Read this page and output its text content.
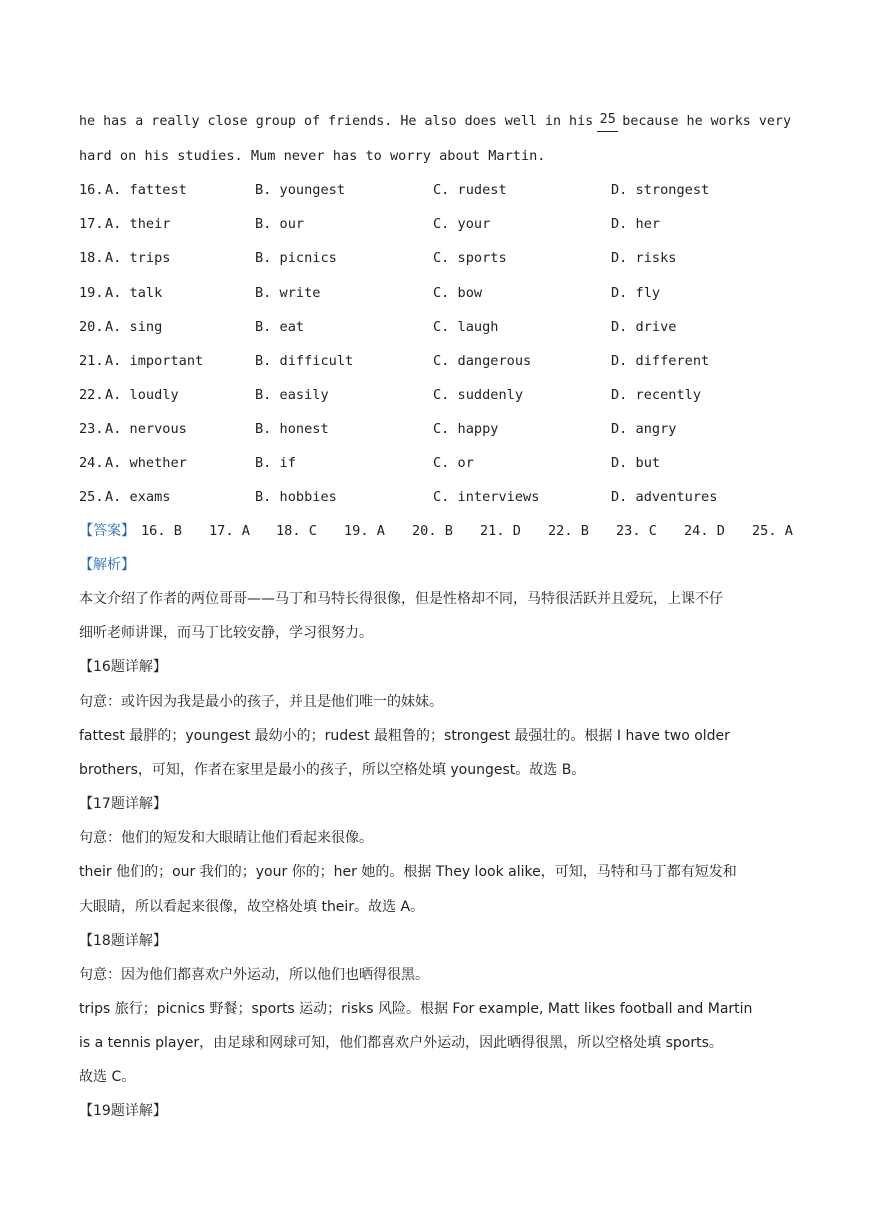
he has a really close group of friends. He also does well in his 25 because he works very
hard on his studies. Mum never has to worry about Martin.
16. A. fattest	B. youngest	C. rudest	D. strongest
17. A. their	B. our	C. your	D. her
18. A. trips	B. picnics	C. sports	D. risks
19. A. talk	B. write	C. bow	D. fly
20. A. sing	B. eat	C. laugh	D. drive
21. A. important	B. difficult	C. dangerous	D. different
22. A. loudly	B. easily	C. suddenly	D. recently
23. A. nervous	B. honest	C. happy	D. angry
24. A. whether	B. if	C. or	D. but
25. A. exams	B. hobbies	C. interviews	D. adventures
【答案】 16. B 17. A 18. C 19. A 20. B 21. D 22. B 23. C 24. D 25. A
【解析】
本文介绍了作者的两位哥哥——马丁和马特长得很像，但是性格却不同，马特很活跃并且爱玩，上课不仔
细听老师讲课，而马丁比较安静，学习很努力。
【16题详解】
句意：或许因为我是最小的孩子，并且是他们唯一的妹妹。
fattest 最胖的；youngest 最幼小的；rudest 最粗鲁的；strongest 最强壮的。根据 I have two older
brothers，可知，作者在家里是最小的孩子，所以空格处填 youngest。故选 B。
【17题详解】
句意：他们的短发和大眼睛让他们看起来很像。
their 他们的；our 我们的；your 你的；her 她的。根据 They look alike，可知，马特和马丁都有短发和
大眼睛，所以看起来很像，故空格处填 their。故选 A。
【18题详解】
句意：因为他们都喜欢户外运动，所以他们也晒得很黑。
trips 旅行；picnics 野餐；sports 运动；risks 风险。根据 For example, Matt likes football and Martin
is a tennis player，由足球和网球可知，他们都喜欢户外运动，因此晒得很黑，所以空格处填 sports。
故选 C。
【19题详解】
